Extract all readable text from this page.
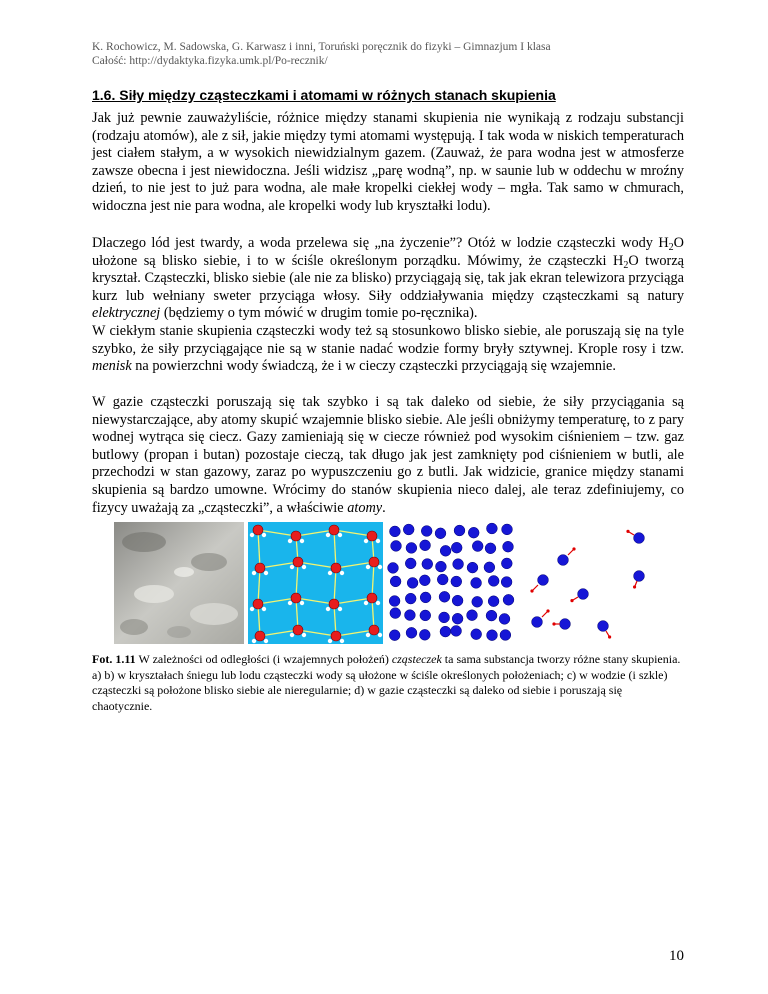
K. Rochowicz, M. Sadowska, G. Karwasz i inni, Toruński poręcznik do fizyki – Gimnazjum I klasa
Całość: http://dydaktyka.fizyka.umk.pl/Po-recznik/
1.6. Siły między cząsteczkami i atomami w różnych stanach skupienia

Jak już pewnie zauważyliście, różnice między stanami skupienia nie wynikają z rodzaju substancji (rodzaju atomów), ale z sił, jakie między tymi atomami występują. I tak woda w niskich temperaturach jest ciałem stałym, a w wysokich niewidzialnym gazem. (Zauważ, że para wodna jest w atmosferze zawsze obecna i jest niewidoczna. Jeśli widzisz „parę wodną”, np. w saunie lub w oddechu w mroźny dzień, to nie jest to już para wodna, ale małe kropelki ciekłej wody – mgła. Tak samo w chmurach, widoczna jest nie para wodna, ale kropelki wody lub kryształki lodu).

Dlaczego lód jest twardy, a woda przelewa się „na życzenie”? Otóż w lodzie cząsteczki wody $H_2O$ ułożone są blisko siebie, i to w ściśle określonym porządku. Mówimy, że cząsteczki $H_2O$ tworzą kryształ. Cząsteczki, blisko siebie (ale nie za blisko) przyciągają się, tak jak ekran telewizora przyciąga kurz lub wełniany sweter przyciąga włosy. Siły oddziaływania między cząsteczkami są natury elektrycznej (będziemy o tym mówić w drugim tomie po-ręcznika).

W ciekłym stanie skupienia cząsteczki wody też są stosunkowo blisko siebie, ale poruszają się na tyle szybko, że siły przyciągające nie są w stanie nadać wodzie formy bryły sztywnej. Krople rosy i tzw. menisk na powierzchni wody świadczą, że i w cieczy cząsteczki przyciągają się wzajemnie.

W gazie cząsteczki poruszają się tak szybko i są tak daleko od siebie, że siły przyciągania są niewystarczające, aby atomy skupić wzajemnie blisko siebie. Ale jeśli obniżymy temperaturę, to z pary wodnej wytrąca się ciecz. Gazy zamieniają się w ciecze również pod wysokim ciśnieniem – tzw. gaz butlowy (propan i butan) pozostaje cieczą, tak długo jak jest zamknięty pod ciśnieniem w butli, ale przechodzi w stan gazowy, zaraz po wypuszczeniu go z butli. Jak widzicie, granice między stanami skupienia są bardzo umowne. Wrócimy do stanów skupienia nieco dalej, ale teraz zdefiniujemy, co fizycy uważają za „cząsteczki”, a właściwie atomy.

Fot. 1.11 W zależności od odległości (i wzajemnych położeń) cząsteczek ta sama substancja tworzy różne stany skupienia. a) b) w kryształach śniegu lub lodu cząsteczki wody są ułożone w ściśle określonych położeniach; c) w wodzie (i szkle) cząsteczki są położone blisko siebie ale nieregularnie; d) w gazie cząsteczki są daleko od siebie i poruszają się chaotycznie.

10
